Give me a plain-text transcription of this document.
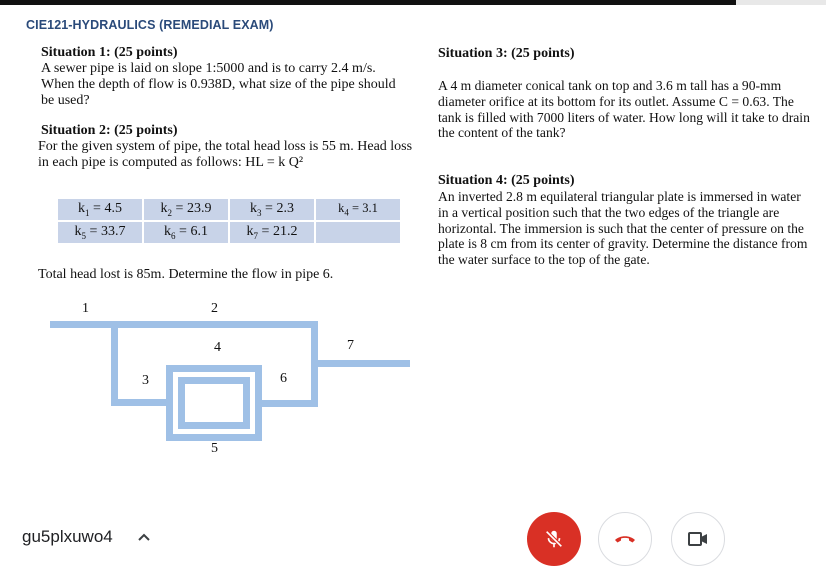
CIE121-HYDRAULICS (REMEDIAL EXAM)
Situation 1: (25 points)
A sewer pipe is laid on slope 1:5000 and is to carry 2.4 m/s. When the depth of flow is 0.938D, what size of the pipe should be used?
Situation 2: (25 points)
For the given system of pipe, the total head loss is 55 m. Head loss in each pipe is computed as follows: HL = k Q²
$k_1 = 4.5$	$k_2 = 23.9$	$k_3 = 2.3$	$k_4 = 3.1$
$k_5 = 33.7$	$k_6 = 6.1$	$k_7 = 21.2$	
Total head lost is 85m. Determine the flow in pipe 6.
1	2
3
4
5
6
7
Situation 3: (25 points)
A 4 m diameter conical tank on top and 3.6 m tall has a 90-mm diameter orifice at its bottom for its outlet. Assume C = 0.63. The tank is filled with 7000 liters of water. How long will it take to drain the content of the tank?
Situation 4: (25 points)
An inverted 2.8 m equilateral triangular plate is immersed in water in a vertical position such that the two edges of the triangle are horizontal. The immersion is such that the center of pressure on the plate is 8 cm from its center of gravity. Determine the distance from the water surface to the top of the gate.
gu5plxuwo4
